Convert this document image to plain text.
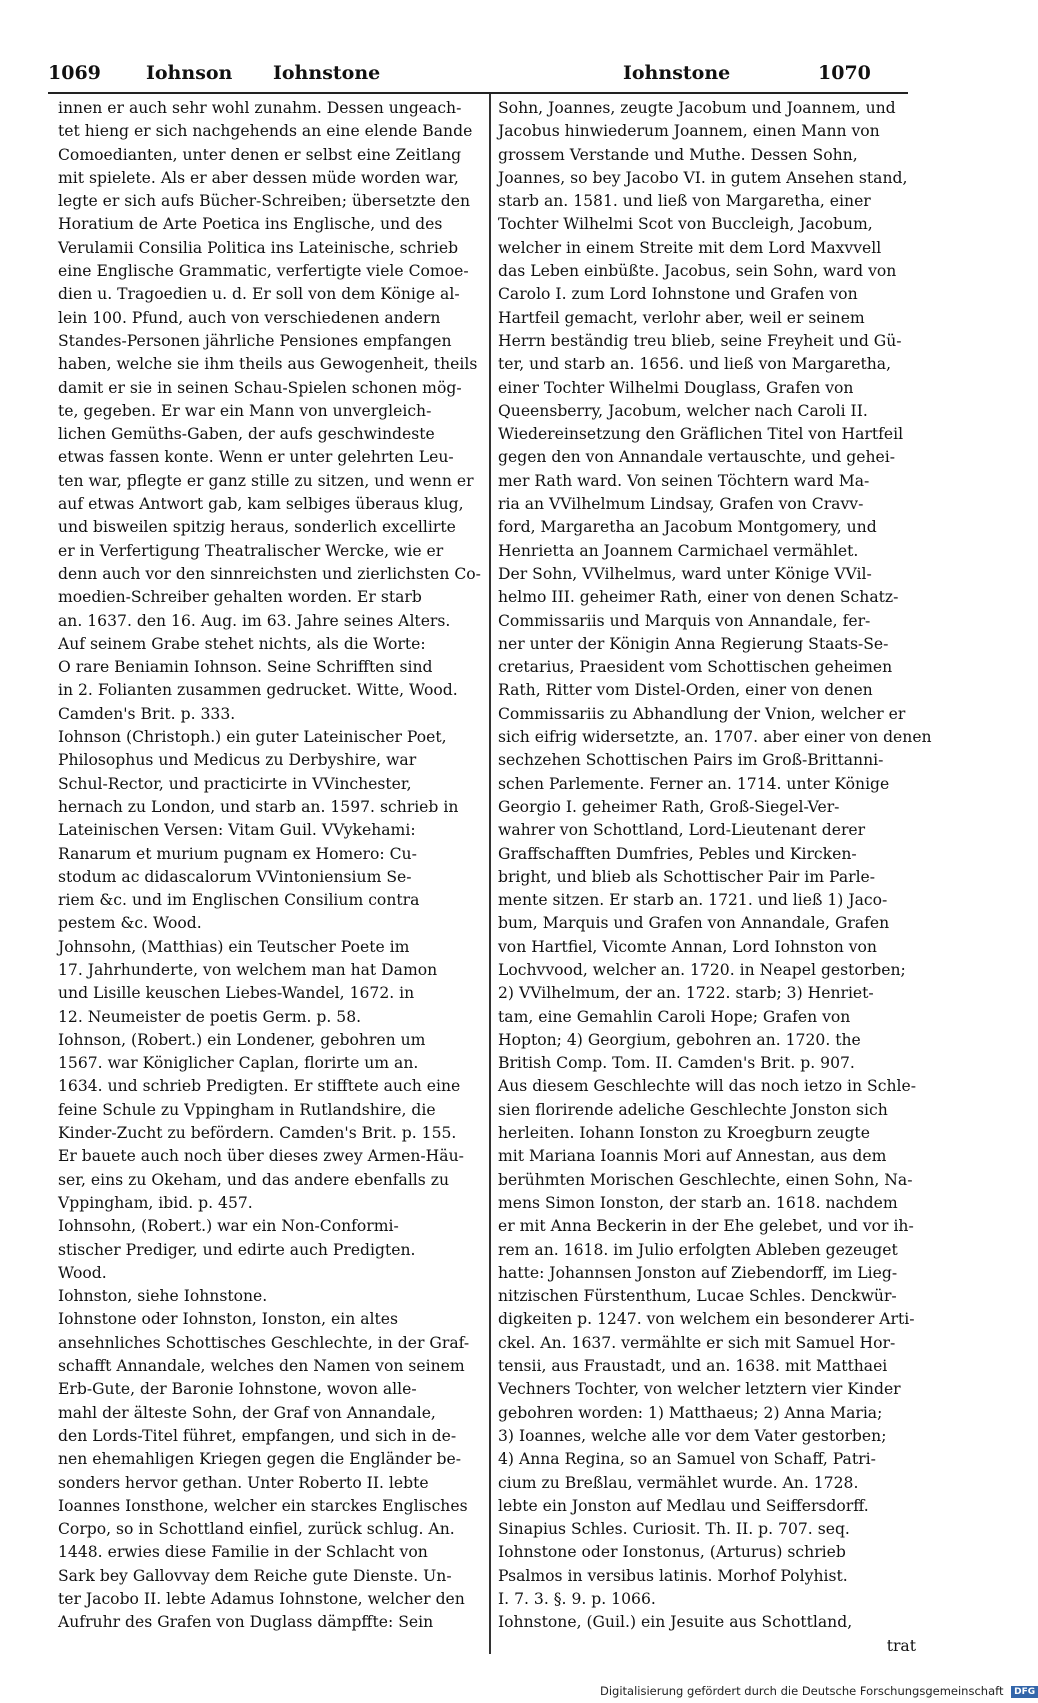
1069 Iohnson Iohnstone	Iohnstone	1070
innen er auch sehr wohl zunahm. Dessen ungeach-
tet hieng er sich nachgehends an eine elende Bande
Comoedianten, unter denen er selbst eine Zeitlang
mit spielete. Als er aber dessen müde worden war,
legte er sich aufs Bücher-Schreiben; übersetzte den
Horatium de Arte Poetica ins Englische, und des
Verulamii Consilia Politica ins Lateinische, schrieb
eine Englische Grammatic, verfertigte viele Comoe-
dien u. Tragoedien u. d. Er soll von dem Könige al-
lein 100. Pfund, auch von verschiedenen andern
Standes-Personen jährliche Pensiones empfangen
haben, welche sie ihm theils aus Gewogenheit, theils
damit er sie in seinen Schau-Spielen schonen mög-
te, gegeben. Er war ein Mann von unvergleich-
lichen Gemüths-Gaben, der aufs geschwindeste
etwas fassen konte. Wenn er unter gelehrten Leu-
ten war, pflegte er ganz stille zu sitzen, und wenn er
auf etwas Antwort gab, kam selbiges überaus klug,
und bisweilen spitzig heraus, sonderlich excellirte
er in Verfertigung Theatralischer Wercke, wie er
denn auch vor den sinnreichsten und zierlichsten Co-
moedien-Schreiber gehalten worden. Er starb
an. 1637. den 16. Aug. im 63. Jahre seines Alters.
Auf seinem Grabe stehet nichts, als die Worte:
O rare Beniamin Iohnson. Seine Schrifften sind
in 2. Folianten zusammen gedrucket. Witte, Wood.
Camden's Brit. p. 333.
Iohnson (Christoph.) ein guter Lateinischer Poet,
Philosophus und Medicus zu Derbyshire, war
Schul-Rector, und practicirte in VVinchester,
hernach zu London, und starb an. 1597. schrieb in
Lateinischen Versen: Vitam Guil. VVykehami:
Ranarum et murium pugnam ex Homero: Cu-
stodum ac didascalorum VVintoniensium Se-
riem &c. und im Englischen Consilium contra
pestem &c. Wood.
Johnsohn, (Matthias) ein Teutscher Poete im
17. Jahrhunderte, von welchem man hat Damon
und Lisille keuschen Liebes-Wandel, 1672. in
12. Neumeister de poetis Germ. p. 58.
Iohnson, (Robert.) ein Londener, gebohren um
1567. war Königlicher Caplan, florirte um an.
1634. und schrieb Predigten. Er stifftete auch eine
feine Schule zu Vppingham in Rutlandshire, die
Kinder-Zucht zu befördern. Camden's Brit. p. 155.
Er bauete auch noch über dieses zwey Armen-Häu-
ser, eins zu Okeham, und das andere ebenfalls zu
Vppingham, ibid. p. 457.
Iohnsohn, (Robert.) war ein Non-Conformi-
stischer Prediger, und edirte auch Predigten.
Wood.
Iohnston, siehe Iohnstone.
Iohnstone oder Iohnston, Ionston, ein altes
ansehnliches Schottisches Geschlechte, in der Graf-
schafft Annandale, welches den Namen von seinem
Erb-Gute, der Baronie Iohnstone, wovon alle-
mahl der älteste Sohn, der Graf von Annandale,
den Lords-Titel führet, empfangen, und sich in de-
nen ehemahligen Kriegen gegen die Engländer be-
sonders hervor gethan. Unter Roberto II. lebte
Ioannes Ionsthone, welcher ein starckes Englisches
Corpo, so in Schottland einfiel, zurück schlug. An.
1448. erwies diese Familie in der Schlacht von
Sark bey Gallovvay dem Reiche gute Dienste. Un-
ter Jacobo II. lebte Adamus Iohnstone, welcher den
Aufruhr des Grafen von Duglass dämpffte: Sein
Sohn, Joannes, zeugte Jacobum und Joannem, und
Jacobus hinwiederum Joannem, einen Mann von
grossem Verstande und Muthe. Dessen Sohn,
Joannes, so bey Jacobo VI. in gutem Ansehen stand,
starb an. 1581. und ließ von Margaretha, einer
Tochter Wilhelmi Scot von Buccleigh, Jacobum,
welcher in einem Streite mit dem Lord Maxvvell
das Leben einbüßte. Jacobus, sein Sohn, ward von
Carolo I. zum Lord Iohnstone und Grafen von
Hartfeil gemacht, verlohr aber, weil er seinem
Herrn beständig treu blieb, seine Freyheit und Gü-
ter, und starb an. 1656. und ließ von Margaretha,
einer Tochter Wilhelmi Douglass, Grafen von
Queensberry, Jacobum, welcher nach Caroli II.
Wiedereinsetzung den Gräflichen Titel von Hartfeil
gegen den von Annandale vertauschte, und gehei-
mer Rath ward. Von seinen Töchtern ward Ma-
ria an VVilhelmum Lindsay, Grafen von Cravv-
ford, Margaretha an Jacobum Montgomery, und
Henrietta an Joannem Carmichael vermählet.
Der Sohn, VVilhelmus, ward unter Könige VVil-
helmo III. geheimer Rath, einer von denen Schatz-
Commissariis und Marquis von Annandale, fer-
ner unter der Königin Anna Regierung Staats-Se-
cretarius, Praesident vom Schottischen geheimen
Rath, Ritter vom Distel-Orden, einer von denen
Commissariis zu Abhandlung der Vnion, welcher er
sich eifrig widersetzte, an. 1707. aber einer von denen
sechzehen Schottischen Pairs im Groß-Brittanni-
schen Parlemente. Ferner an. 1714. unter Könige
Georgio I. geheimer Rath, Groß-Siegel-Ver-
wahrer von Schottland, Lord-Lieutenant derer
Graffschafften Dumfries, Pebles und Kircken-
bright, und blieb als Schottischer Pair im Parle-
mente sitzen. Er starb an. 1721. und ließ 1) Jaco-
bum, Marquis und Grafen von Annandale, Grafen
von Hartfiel, Vicomte Annan, Lord Iohnston von
Lochvvood, welcher an. 1720. in Neapel gestorben;
2) VVilhelmum, der an. 1722. starb; 3) Henriet-
tam, eine Gemahlin Caroli Hope; Grafen von
Hopton; 4) Georgium, gebohren an. 1720. the
British Comp. Tom. II. Camden's Brit. p. 907.
Aus diesem Geschlechte will das noch ietzo in Schle-
sien florirende adeliche Geschlechte Jonston sich
herleiten. Iohann Ionston zu Kroegburn zeugte
mit Mariana Ioannis Mori auf Annestan, aus dem
berühmten Morischen Geschlechte, einen Sohn, Na-
mens Simon Ionston, der starb an. 1618. nachdem
er mit Anna Beckerin in der Ehe gelebet, und vor ih-
rem an. 1618. im Julio erfolgten Ableben gezeuget
hatte: Johannsen Jonston auf Ziebendorff, im Lieg-
nitzischen Fürstenthum, Lucae Schles. Denckwür-
digkeiten p. 1247. von welchem ein besonderer Arti-
ckel. An. 1637. vermählte er sich mit Samuel Hor-
tensii, aus Fraustadt, und an. 1638. mit Matthaei
Vechners Tochter, von welcher letztern vier Kinder
gebohren worden: 1) Matthaeus; 2) Anna Maria;
3) Ioannes, welche alle vor dem Vater gestorben;
4) Anna Regina, so an Samuel von Schaff, Patri-
cium zu Breßlau, vermählet wurde. An. 1728.
lebte ein Jonston auf Medlau und Seiffersdorff.
Sinapius Schles. Curiosit. Th. II. p. 707. seq.
Iohnstone oder Ionstonus, (Arturus) schrieb
Psalmos in versibus latinis. Morhof Polyhist.
I. 7. 3. §. 9. p. 1066.
Iohnstone, (Guil.) ein Jesuite aus Schottland,
trat
Digitalisierung gefördert durch die Deutsche Forschungsgemeinschaft DFG
